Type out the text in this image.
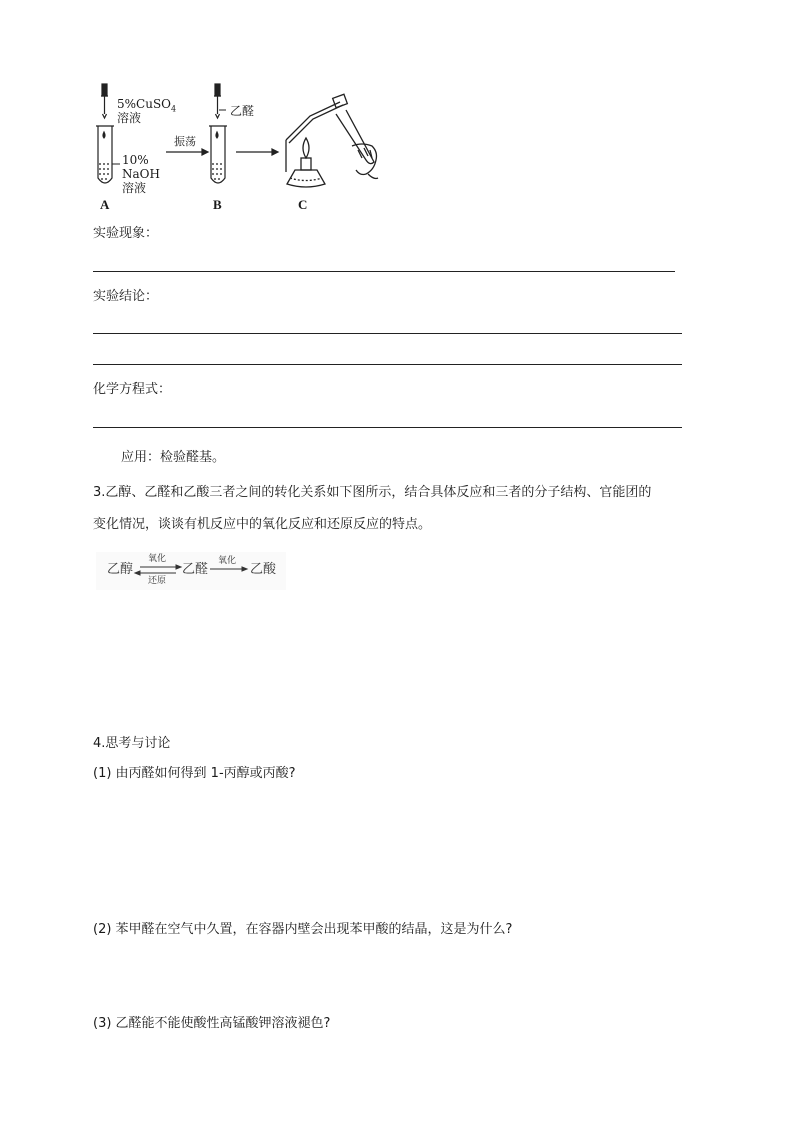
5%CuSO$_4$
溶液
10%
NaOH
溶液
乙醛
振荡
A	B	C
实验现象：
实验结论：
化学方程式：
应用：检验醛基。
3.乙醇、乙醛和乙酸三者之间的转化关系如下图所示，结合具体反应和三者的分子结构、官能团的
变化情况，谈谈有机反应中的氧化反应和还原反应的特点。
乙醇	乙醛	乙酸
氧化
还原
氧化
4.思考与讨论
(1) 由丙醛如何得到 1-丙醇或丙酸?
(2) 苯甲醛在空气中久置，在容器内壁会出现苯甲酸的结晶，这是为什么?
(3) 乙醛能不能使酸性高锰酸钾溶液褪色?
